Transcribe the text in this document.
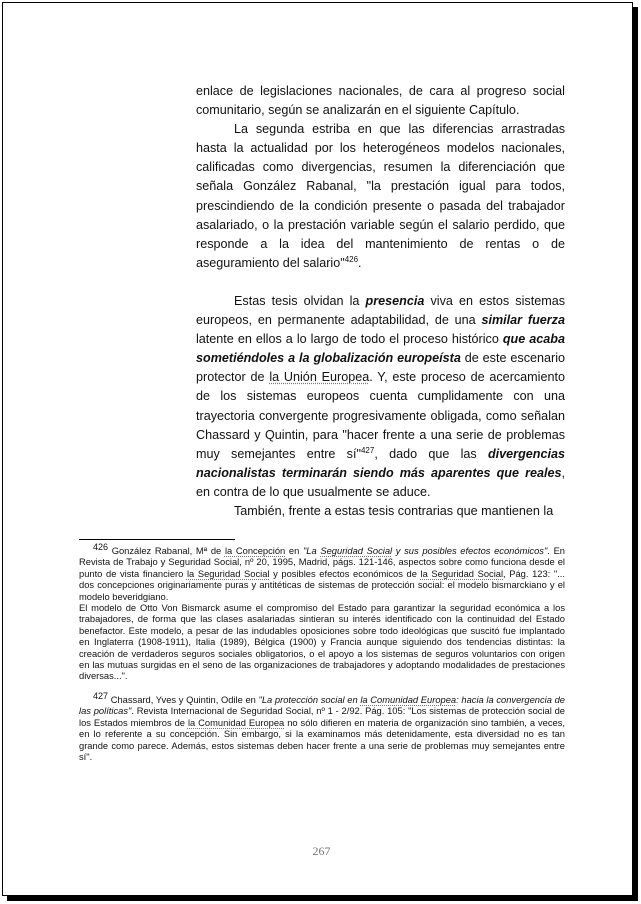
enlace de legislaciones nacionales, de cara al progreso social comunitario, según se analizarán en el siguiente Capítulo.

La segunda estriba en que las diferencias arrastradas hasta la actualidad por los heterogéneos modelos nacionales, calificadas como divergencias, resumen la diferenciación que señala González Rabanal, "la prestación igual para todos, prescindiendo de la condición presente o pasada del trabajador asalariado, o la prestación variable según el salario perdido, que responde a la idea del mantenimiento de rentas o de aseguramiento del salario"$^{426}$.

Estas tesis olvidan la presencia viva en estos sistemas europeos, en permanente adaptabilidad, de una similar fuerza latente en ellos a lo largo de todo el proceso histórico que acaba sometiéndoles a la globalización europeísta de este escenario protector de la Unión Europea. Y, este proceso de acercamiento de los sistemas europeos cuenta cumplidamente con una trayectoria convergente progresivamente obligada, como señalan Chassard y Quintin, para "hacer frente a una serie de problemas muy semejantes entre sí"$^{427}$, dado que las divergencias nacionalistas terminarán siendo más aparentes que reales, en contra de lo que usualmente se aduce.

También, frente a estas tesis contrarias que mantienen la

426 González Rabanal, Mª de la Concepción en "La Seguridad Social y sus posibles efectos económicos". En Revista de Trabajo y Seguridad Social, nº 20, 1995, Madrid, págs. 121-146, aspectos sobre como funciona desde el punto de vista financiero la Seguridad Social y posibles efectos económicos de la Seguridad Social, Pág. 123: "... dos concepciones originariamente puras y antitéticas de sistemas de protección social: el modelo bismarckiano y el modelo beveridgiano.

El modelo de Otto Von Bismarck asume el compromiso del Estado para garantizar la seguridad económica a los trabajadores, de forma que las clases asalariadas sintieran su interés identificado con la continuidad del Estado benefactor. Este modelo, a pesar de las indudables oposiciones sobre todo ideológicas que suscitó fue implantado en Inglaterra (1908-1911), Italia (1989), Bélgica (1900) y Francia aunque siguiendo dos tendencias distintas: la creación de verdaderos seguros sociales obligatorios, o el apoyo a los sistemas de seguros voluntarios con origen en las mutuas surgidas en el seno de las organizaciones de trabajadores y adoptando modalidades de prestaciones diversas...".

427 Chassard, Yves y Quintin, Odile en "La protección social en la Comunidad Europea: hacia la convergencia de las políticas". Revista Internacional de Seguridad Social, nº 1 - 2/92. Pág. 105: "Los sistemas de protección social de los Estados miembros de la Comunidad Europea no sólo difieren en materia de organización sino también, a veces, en lo referente a su concepción. Sin embargo, si la examinamos más detenidamente, esta diversidad no es tan grande como parece. Además, estos sistemas deben hacer frente a una serie de problemas muy semejantes entre sí".

267
